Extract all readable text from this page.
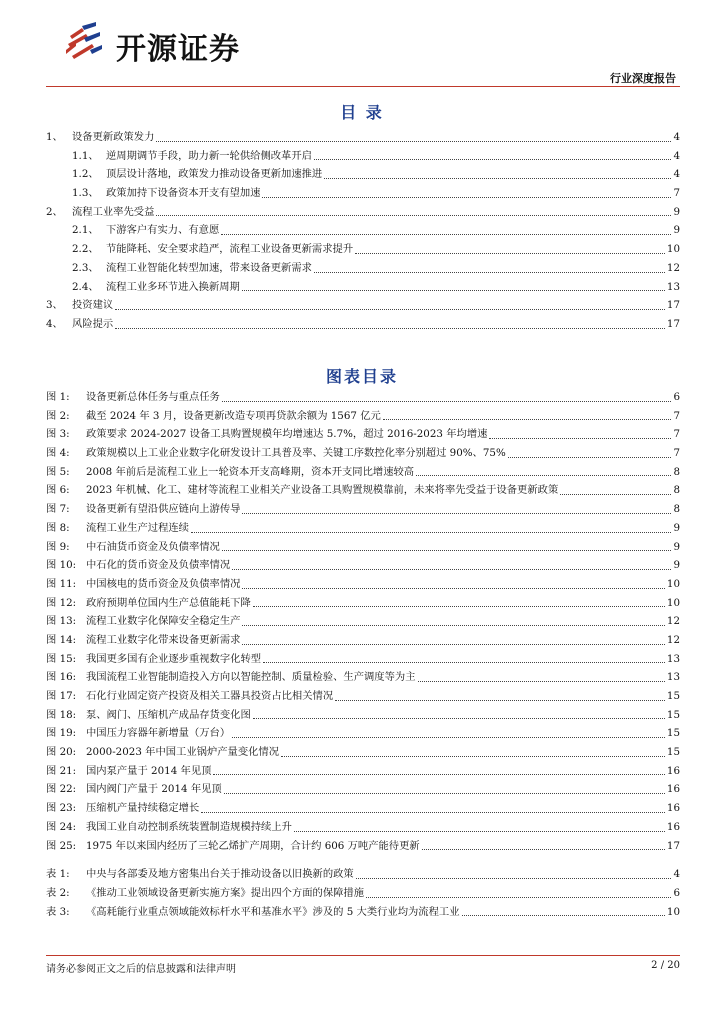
开源证券
行业深度报告
目 录
1、 设备更新政策发力	4
1.1、 逆周期调节手段，助力新一轮供给侧改革开启	4
1.2、 顶层设计落地，政策发力推动设备更新加速推进	4
1.3、 政策加持下设备资本开支有望加速	7
2、 流程工业率先受益	9
2.1、 下游客户有实力、有意愿	9
2.2、 节能降耗、安全要求趋严，流程工业设备更新需求提升	10
2.3、 流程工业智能化转型加速，带来设备更新需求	12
2.4、 流程工业多环节进入换新周期	13
3、 投资建议	17
4、 风险提示	17
图表目录
图 1:	设备更新总体任务与重点任务	6
图 2:	截至 2024 年 3 月，设备更新改造专项再贷款余额为 1567 亿元	7
图 3:	政策要求 2024-2027 设备工具购置规模年均增速达 5.7%，超过 2016-2023 年均增速	7
图 4:	政策规模以上工业企业数字化研发设计工具普及率、关键工序数控化率分别超过 90%、75%	7
图 5:	2008 年前后是流程工业上一轮资本开支高峰期，资本开支同比增速较高	8
图 6:	2023 年机械、化工、建材等流程工业相关产业设备工具购置规模靠前，未来将率先受益于设备更新政策	8
图 7:	设备更新有望沿供应链向上游传导	8
图 8:	流程工业生产过程连续	9
图 9:	中石油货币资金及负债率情况	9
图 10: 中石化的货币资金及负债率情况	9
图 11: 中国核电的货币资金及负债率情况	10
图 12: 政府预期单位国内生产总值能耗下降	10
图 13: 流程工业数字化保障安全稳定生产	12
图 14: 流程工业数字化带来设备更新需求	12
图 15: 我国更多国有企业逐步重视数字化转型	13
图 16: 我国流程工业智能制造投入方向以智能控制、质量检验、生产调度等为主	13
图 17: 石化行业固定资产投资及相关工器具投资占比相关情况	15
图 18: 泵、阀门、压缩机产成品存货变化图	15
图 19: 中国压力容器年新增量（万台）	15
图 20: 2000-2023 年中国工业锅炉产量变化情况	15
图 21: 国内泵产量于 2014 年见顶	16
图 22: 国内阀门产量于 2014 年见顶	16
图 23: 压缩机产量持续稳定增长	16
图 24: 我国工业自动控制系统装置制造规模持续上升	16
图 25: 1975 年以来国内经历了三轮乙烯扩产周期，合计约 606 万吨产能待更新	17
表 1:	中央与各部委及地方密集出台关于推动设备以旧换新的政策	4
表 2:	《推动工业领域设备更新实施方案》提出四个方面的保障措施	6
表 3:	《高耗能行业重点领域能效标杆水平和基准水平》涉及的 5 大类行业均为流程工业	10
请务必参阅正文之后的信息披露和法律声明	2 / 20
